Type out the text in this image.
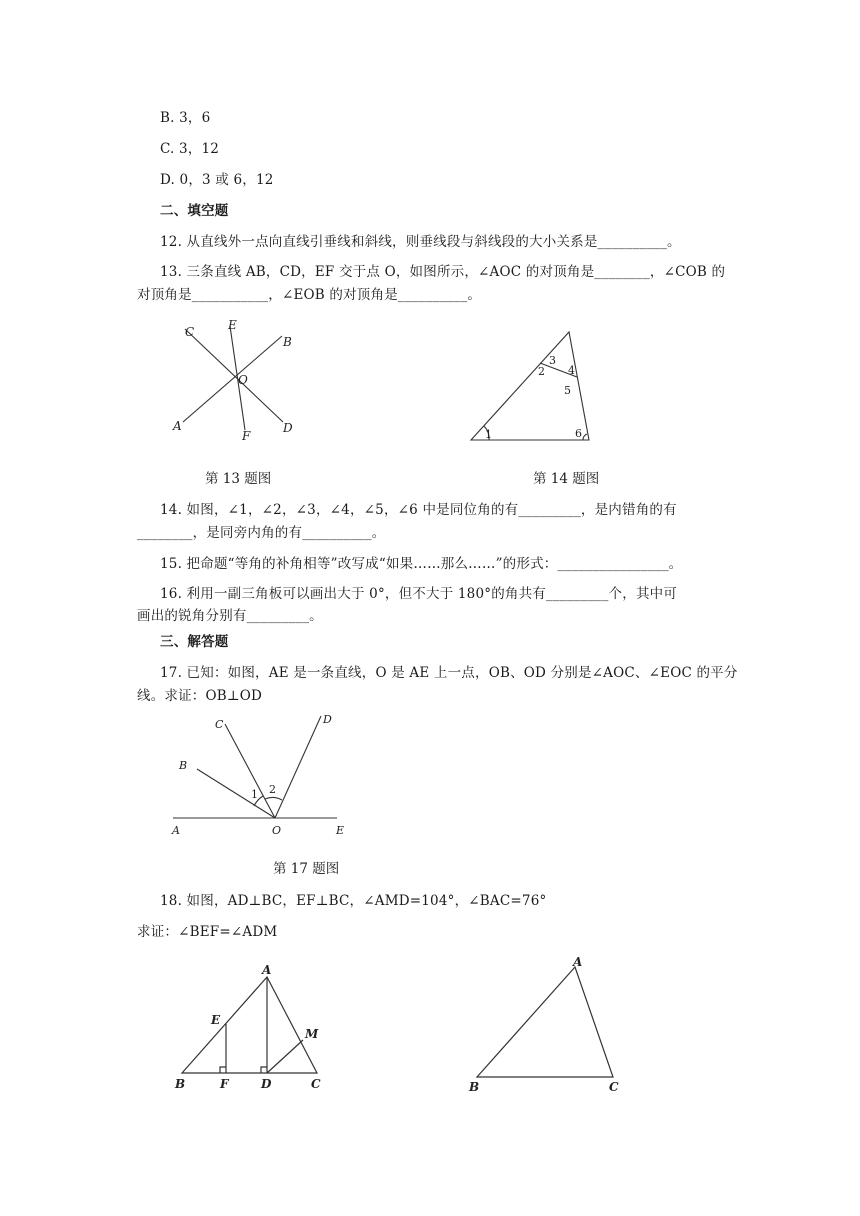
B. 3，6
C. 3，12
D. 0，3 或 6，12
二、填空题
12. 从直线外一点向直线引垂线和斜线，则垂线段与斜线段的大小关系是__________。
13. 三条直线 AB，CD，EF 交于点 O，如图所示，∠AOC 的对顶角是________，∠COB 的
对顶角是___________，∠EOB 的对顶角是__________。
C	E
B
O
A
F
D	1
2
3
4
5
6
第 13 题图	第 14 题图
14. 如图，∠1，∠2，∠3，∠4，∠5，∠6 中是同位角的有_________，是内错角的有
________，是同旁内角的有__________。
15. 把命题“等角的补角相等”改写成“如果……那么……”的形式：________________。
16. 利用一副三角板可以画出大于 0°，但不大于 180°的角共有_________个，其中可
画出的锐角分别有_________。
三、解答题
17. 已知：如图，AE 是一条直线，O 是 AE 上一点，OB、OD 分别是∠AOC、∠EOC 的平分
线。求证：OB⊥OD
C	D
B
A	O	E
1 2
第 17 题图
18. 如图，AD⊥BC，EF⊥BC，∠AMD=104°，∠BAC=76°
求证：∠BEF=∠ADM
A
E
M
B	F	D	C
A
B	C
